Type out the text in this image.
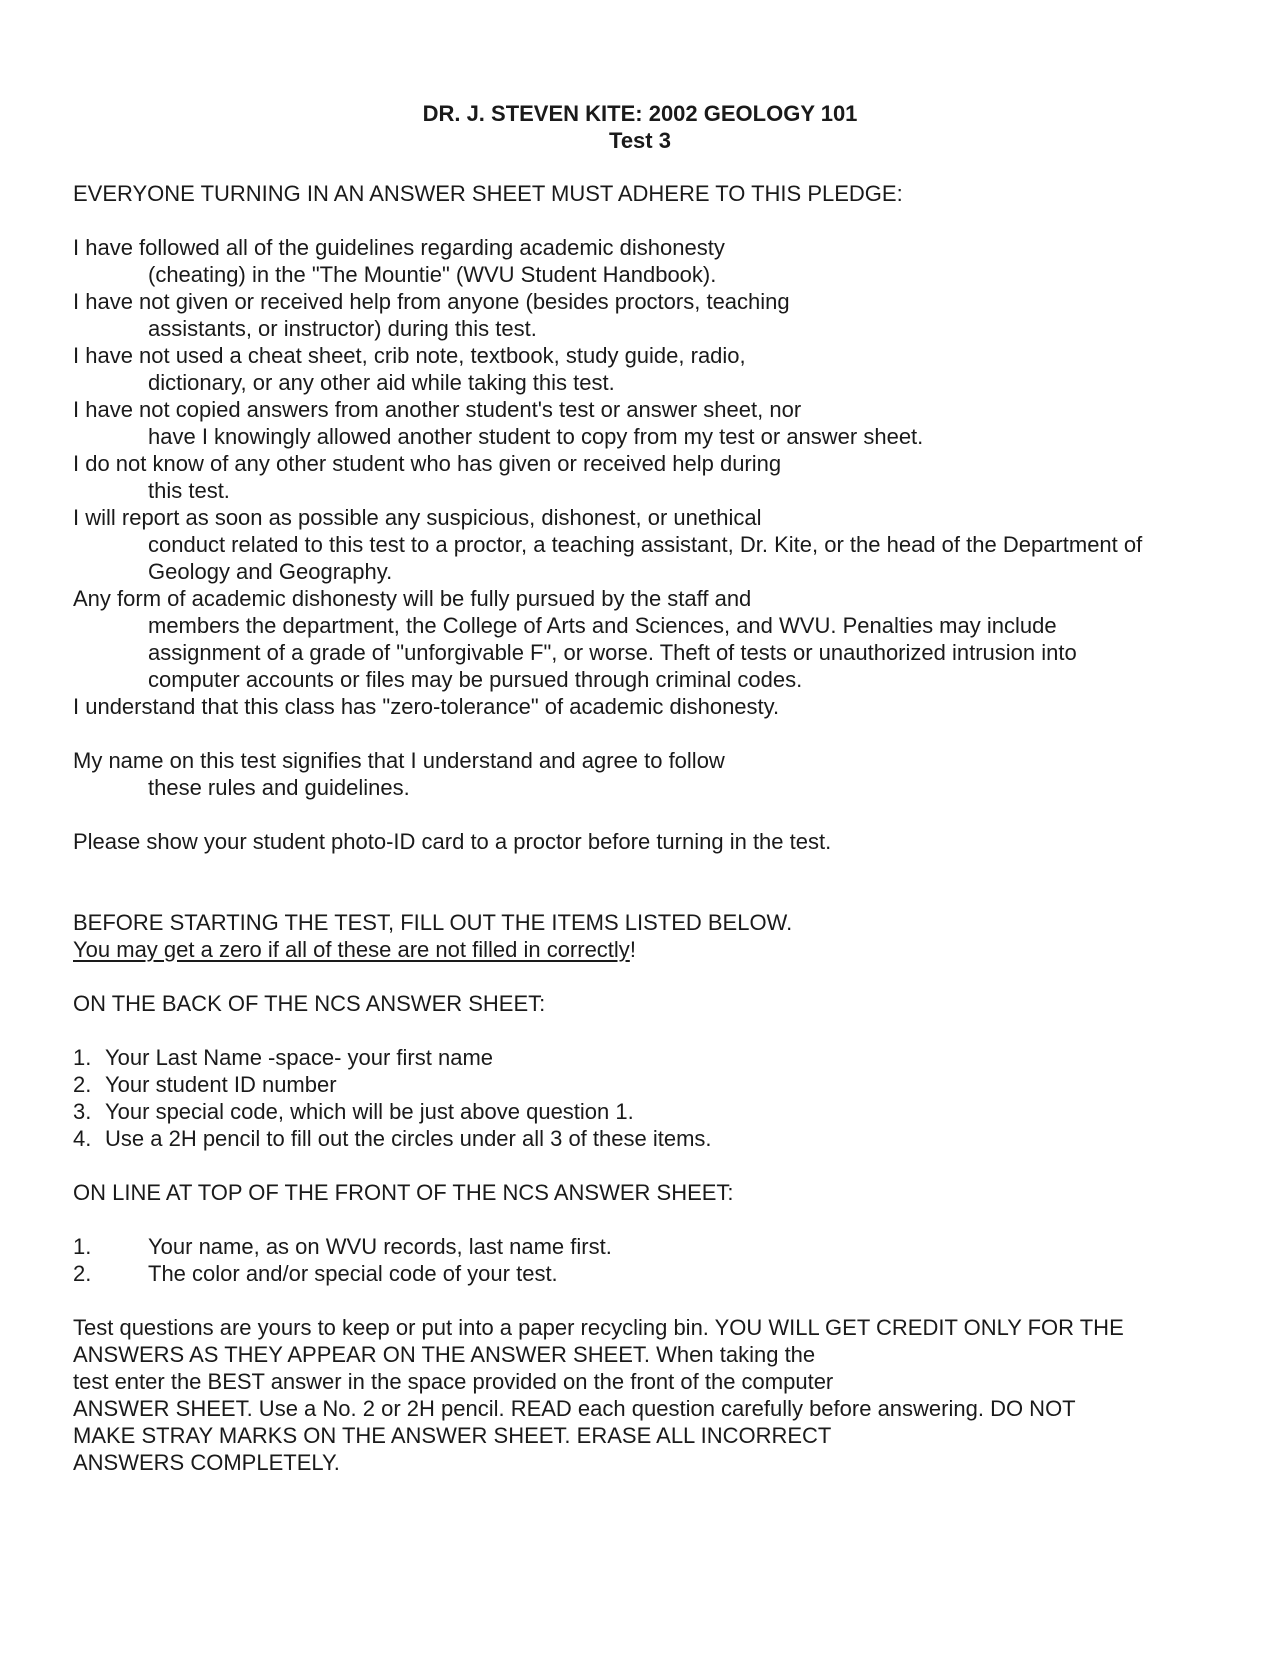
DR. J. STEVEN KITE: 2002 GEOLOGY 101
Test 3
EVERYONE TURNING IN AN ANSWER SHEET MUST ADHERE TO THIS PLEDGE:
I have followed all of the guidelines regarding academic dishonesty
(cheating) in the "The Mountie" (WVU Student Handbook).
I have not given or received help from anyone (besides proctors, teaching
assistants, or instructor) during this test.
I have not used a cheat sheet, crib note, textbook, study guide, radio,
dictionary, or any other aid while taking this test.
I have not copied answers from another student's test or answer sheet, nor
have I knowingly allowed another student to copy from my test or answer sheet.
I do not know of any other student who has given or received help during
this test.
I will report as soon as possible any suspicious, dishonest, or unethical
conduct related to this test to a proctor, a teaching assistant, Dr. Kite, or the head of the Department of
Geology and Geography.
Any form of academic dishonesty will be fully pursued by the staff and
members the department, the College of Arts and Sciences, and WVU. Penalties may include
assignment of a grade of "unforgivable F", or worse. Theft of tests or unauthorized intrusion into
computer accounts or files may be pursued through criminal codes.
I understand that this class has "zero-tolerance" of academic dishonesty.
My name on this test signifies that I understand and agree to follow
these rules and guidelines.
Please show your student photo-ID card to a proctor before turning in the test.
BEFORE STARTING THE TEST, FILL OUT THE ITEMS LISTED BELOW.
You may get a zero if all of these are not filled in correctly!
ON THE BACK OF THE NCS ANSWER SHEET:
1. Your Last Name -space- your first name
2. Your student ID number
3. Your special code, which will be just above question 1.
4. Use a 2H pencil to fill out the circles under all 3 of these items.
ON LINE AT TOP OF THE FRONT OF THE NCS ANSWER SHEET:
1.	Your name, as on WVU records, last name first.
2.	The color and/or special code of your test.
Test questions are yours to keep or put into a paper recycling bin. YOU WILL GET CREDIT ONLY FOR THE
ANSWERS AS THEY APPEAR ON THE ANSWER SHEET. When taking the
test enter the BEST answer in the space provided on the front of the computer
ANSWER SHEET. Use a No. 2 or 2H pencil. READ each question carefully before answering. DO NOT
MAKE STRAY MARKS ON THE ANSWER SHEET. ERASE ALL INCORRECT
ANSWERS COMPLETELY.
